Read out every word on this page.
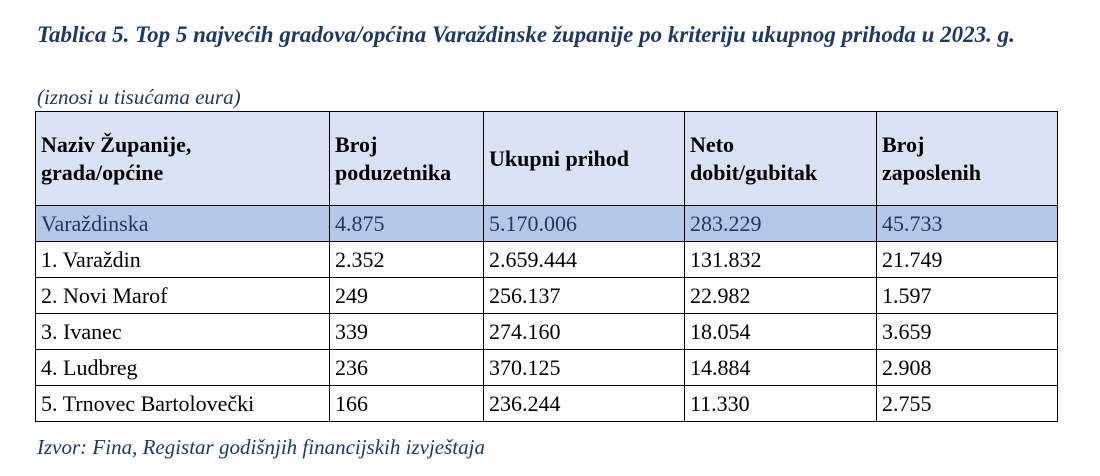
Tablica 5. Top 5 najvećih gradova/općina Varaždinske županije po kriteriju ukupnog prihoda u 2023. g.
(iznosi u tisućama eura)
Naziv Županije, grada/općine	Broj poduzetnika	Ukupni prihod	Neto dobit/gubitak	Broj zaposlenih

Varaždinska	4.875	5.170.006	283.229	45.733
1. Varaždin	2.352	2.659.444	131.832	21.749
2. Novi Marof	249	256.137	22.982	1.597
3. Ivanec	339	274.160	18.054	3.659
4. Ludbreg	236	370.125	14.884	2.908
5. Trnovec Bartolovečki	166	236.244	11.330	2.755
Izvor: Fina, Registar godišnjih financijskih izvještaja
